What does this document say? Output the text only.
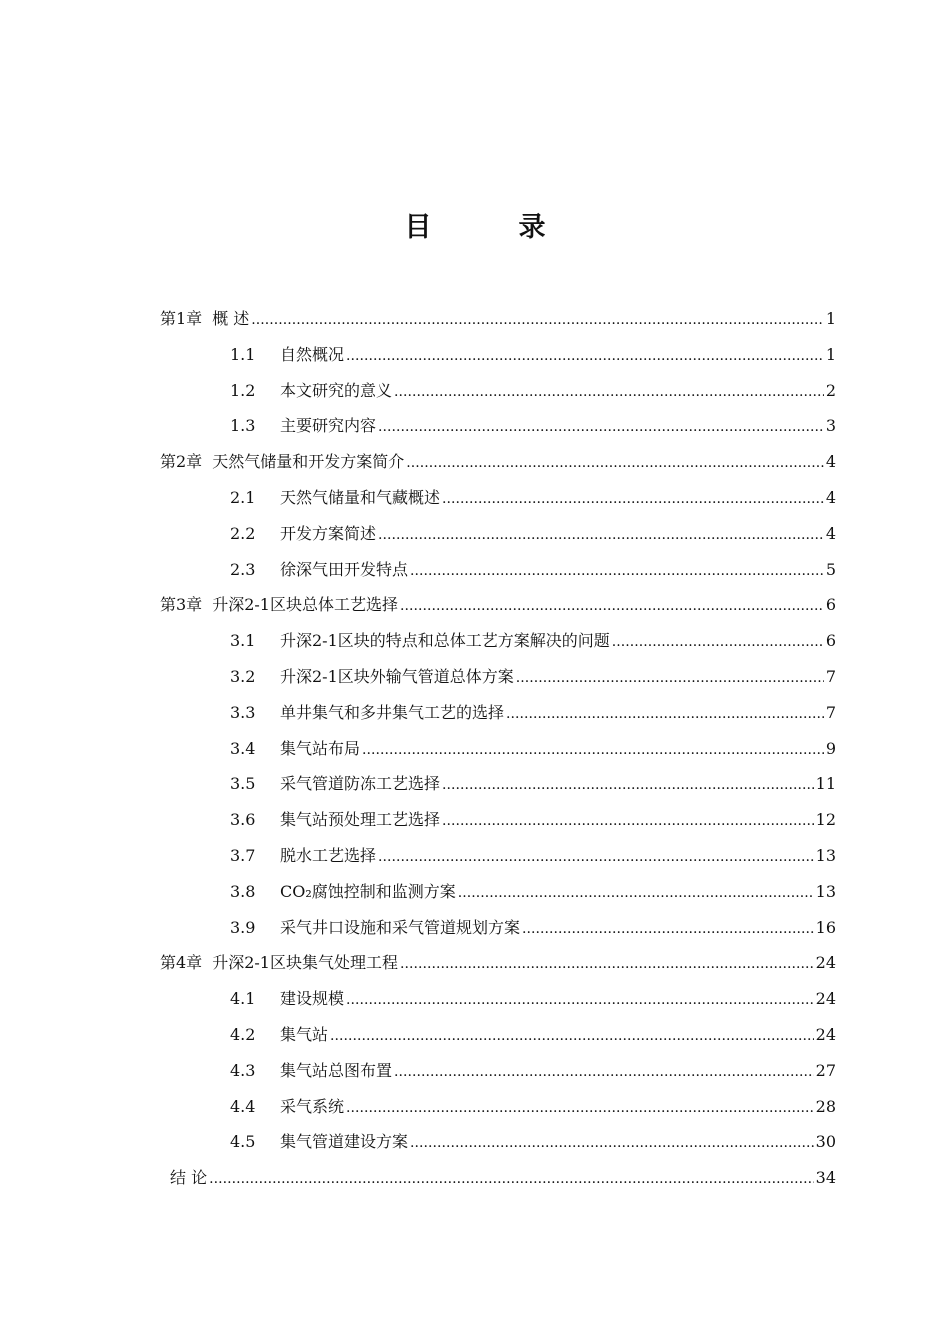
目　录
第1章 概 述 . . .	1
1.1	自然概况 . . .	1
1.2	本文研究的意义 . . .	2
1.3	主要研究内容 . . .	3
第2章 天然气储量和开发方案简介 . . .	4
2.1	天然气储量和气藏概述 . . .	4
2.2	开发方案简述 . . .	4
2.3	徐深气田开发特点 . . .	5
第3章 升深2-1区块总体工艺选择 . . .	6
3.1	升深2-1区块的特点和总体工艺方案解决的问题 . . .	6
3.2	升深2-1区块外输气管道总体方案 . . .	7
3.3	单井集气和多井集气工艺的选择 . . .	7
3.4	集气站布局 . . .	9
3.5	采气管道防冻工艺选择 . . .	11
3.6	集气站预处理工艺选择 . . .	12
3.7	脱水工艺选择 . . .	13
3.8	CO₂腐蚀控制和监测方案 . . .	13
3.9	采气井口设施和采气管道规划方案 . . .	16
第4章 升深2-1区块集气处理工程 . . .	24
4.1	建设规模 . . .	24
4.2	集气站 . . .	24
4.3	集气站总图布置 . . .	27
4.4	采气系统 . . .	28
4.5	集气管道建设方案 . . .	30
结 论 . . .	34
